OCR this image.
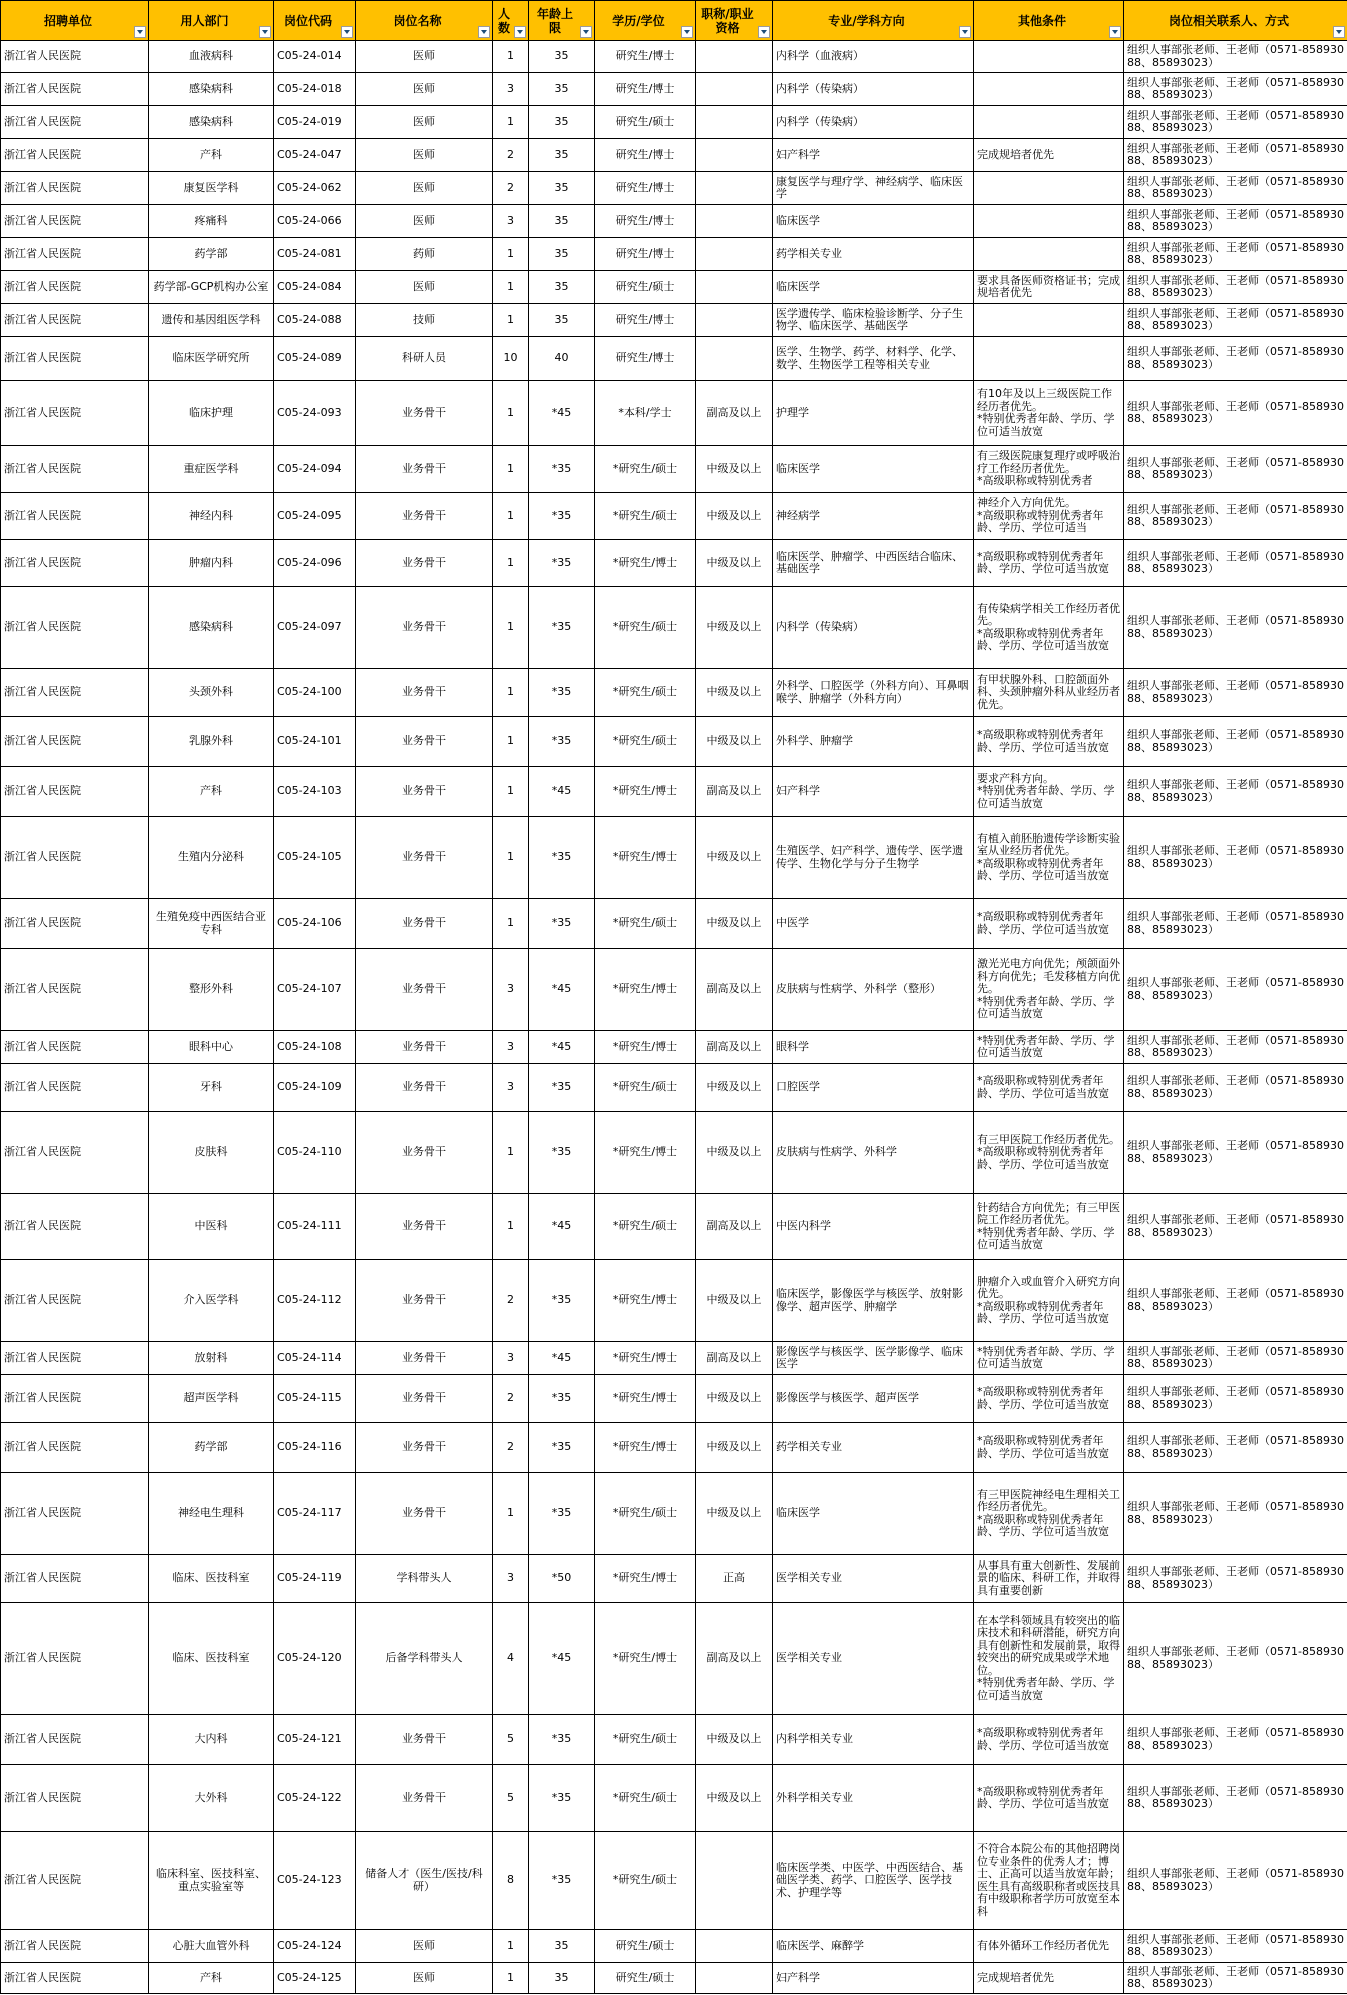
招聘单位	用人部门	岗位代码	岗位名称	人数	年龄上限	学历/学位	职称/职业资格	专业/学科方向	其他条件	岗位相关联系人、方式

浙江省人民医院	血液病科	C05-24-014	医师	1	35	研究生/博士		内科学（血液病）		组织人事部张老师、王老师（0571-85893088、85893023）

浙江省人民医院	感染病科	C05-24-018	医师	3	35	研究生/博士		内科学（传染病）		组织人事部张老师、王老师（0571-85893088、85893023）

浙江省人民医院	感染病科	C05-24-019	医师	1	35	研究生/硕士		内科学（传染病）		组织人事部张老师、王老师（0571-85893088、85893023）

浙江省人民医院	产科	C05-24-047	医师	2	35	研究生/博士		妇产科学	完成规培者优先	组织人事部张老师、王老师（0571-85893088、85893023）

浙江省人民医院	康复医学科	C05-24-062	医师	2	35	研究生/博士		康复医学与理疗学、神经病学、临床医学		组织人事部张老师、王老师（0571-85893088、85893023）

浙江省人民医院	疼痛科	C05-24-066	医师	3	35	研究生/博士		临床医学		组织人事部张老师、王老师（0571-85893088、85893023）

浙江省人民医院	药学部	C05-24-081	药师	1	35	研究生/博士		药学相关专业		组织人事部张老师、王老师（0571-85893088、85893023）

浙江省人民医院	药学部-GCP机构办公室	C05-24-084	医师	1	35	研究生/硕士		临床医学	要求具备医师资格证书；完成规培者优先	组织人事部张老师、王老师（0571-85893088、85893023）

浙江省人民医院	遗传和基因组医学科	C05-24-088	技师	1	35	研究生/博士		医学遗传学、临床检验诊断学、分子生物学、临床医学、基础医学		组织人事部张老师、王老师（0571-85893088、85893023）

浙江省人民医院	临床医学研究所	C05-24-089	科研人员	10	40	研究生/博士		医学、生物学、药学、材料学、化学、数学、生物医学工程等相关专业		组织人事部张老师、王老师（0571-85893088、85893023）

浙江省人民医院	临床护理	C05-24-093	业务骨干	1	*45	*本科/学士	副高及以上	护理学	有10年及以上三级医院工作经历者优先。
*特别优秀者年龄、学历、学位可适当放宽	组织人事部张老师、王老师（0571-85893088、85893023）

浙江省人民医院	重症医学科	C05-24-094	业务骨干	1	*35	*研究生/硕士	中级及以上	临床医学	有三级医院康复理疗或呼吸治疗工作经历者优先。
*高级职称或特别优秀者	组织人事部张老师、王老师（0571-85893088、85893023）

浙江省人民医院	神经内科	C05-24-095	业务骨干	1	*35	*研究生/硕士	中级及以上	神经病学	神经介入方向优先。
*高级职称或特别优秀者年龄、学历、学位可适当	组织人事部张老师、王老师（0571-85893088、85893023）

浙江省人民医院	肿瘤内科	C05-24-096	业务骨干	1	*35	*研究生/博士	中级及以上	临床医学、肿瘤学、中西医结合临床、基础医学	*高级职称或特别优秀者年龄、学历、学位可适当放宽	组织人事部张老师、王老师（0571-85893088、85893023）

浙江省人民医院	感染病科	C05-24-097	业务骨干	1	*35	*研究生/硕士	中级及以上	内科学（传染病）	有传染病学相关工作经历者优先。
*高级职称或特别优秀者年龄、学历、学位可适当放宽	组织人事部张老师、王老师（0571-85893088、85893023）

浙江省人民医院	头颈外科	C05-24-100	业务骨干	1	*35	*研究生/硕士	中级及以上	外科学、口腔医学（外科方向）、耳鼻咽喉学、肿瘤学（外科方向）	有甲状腺外科、口腔颌面外科、头颈肿瘤外科从业经历者优先。	组织人事部张老师、王老师（0571-85893088、85893023）

浙江省人民医院	乳腺外科	C05-24-101	业务骨干	1	*35	*研究生/硕士	中级及以上	外科学、肿瘤学	*高级职称或特别优秀者年龄、学历、学位可适当放宽	组织人事部张老师、王老师（0571-85893088、85893023）

浙江省人民医院	产科	C05-24-103	业务骨干	1	*45	*研究生/博士	副高及以上	妇产科学	要求产科方向。
*特别优秀者年龄、学历、学位可适当放宽	组织人事部张老师、王老师（0571-85893088、85893023）

浙江省人民医院	生殖内分泌科	C05-24-105	业务骨干	1	*35	*研究生/博士	中级及以上	生殖医学、妇产科学、遗传学、医学遗传学、生物化学与分子生物学	有植入前胚胎遗传学诊断实验室从业经历者优先。
*高级职称或特别优秀者年龄、学历、学位可适当放宽	组织人事部张老师、王老师（0571-85893088、85893023）

浙江省人民医院	生殖免疫中西医结合亚专科	C05-24-106	业务骨干	1	*35	*研究生/硕士	中级及以上	中医学	*高级职称或特别优秀者年龄、学历、学位可适当放宽	组织人事部张老师、王老师（0571-85893088、85893023）

浙江省人民医院	整形外科	C05-24-107	业务骨干	3	*45	*研究生/博士	副高及以上	皮肤病与性病学、外科学（整形）	激光光电方向优先；颅颌面外科方向优先；毛发移植方向优先。
*特别优秀者年龄、学历、学位可适当放宽	组织人事部张老师、王老师（0571-85893088、85893023）

浙江省人民医院	眼科中心	C05-24-108	业务骨干	3	*45	*研究生/博士	副高及以上	眼科学	*特别优秀者年龄、学历、学位可适当放宽	组织人事部张老师、王老师（0571-85893088、85893023）

浙江省人民医院	牙科	C05-24-109	业务骨干	3	*35	*研究生/硕士	中级及以上	口腔医学	*高级职称或特别优秀者年龄、学历、学位可适当放宽	组织人事部张老师、王老师（0571-85893088、85893023）

浙江省人民医院	皮肤科	C05-24-110	业务骨干	1	*35	*研究生/博士	中级及以上	皮肤病与性病学、外科学	有三甲医院工作经历者优先。
*高级职称或特别优秀者年龄、学历、学位可适当放宽	组织人事部张老师、王老师（0571-85893088、85893023）

浙江省人民医院	中医科	C05-24-111	业务骨干	1	*45	*研究生/硕士	副高及以上	中医内科学	针药结合方向优先；有三甲医院工作经历者优先。
*特别优秀者年龄、学历、学位可适当放宽	组织人事部张老师、王老师（0571-85893088、85893023）

浙江省人民医院	介入医学科	C05-24-112	业务骨干	2	*35	*研究生/博士	中级及以上	临床医学，影像医学与核医学、放射影像学、超声医学、肿瘤学	肿瘤介入或血管介入研究方向优先。
*高级职称或特别优秀者年龄、学历、学位可适当放宽	组织人事部张老师、王老师（0571-85893088、85893023）

浙江省人民医院	放射科	C05-24-114	业务骨干	3	*45	*研究生/博士	副高及以上	影像医学与核医学、医学影像学、临床医学	*特别优秀者年龄、学历、学位可适当放宽	组织人事部张老师、王老师（0571-85893088、85893023）

浙江省人民医院	超声医学科	C05-24-115	业务骨干	2	*35	*研究生/博士	中级及以上	影像医学与核医学、超声医学	*高级职称或特别优秀者年龄、学历、学位可适当放宽	组织人事部张老师、王老师（0571-85893088、85893023）

浙江省人民医院	药学部	C05-24-116	业务骨干	2	*35	*研究生/博士	中级及以上	药学相关专业	*高级职称或特别优秀者年龄、学历、学位可适当放宽	组织人事部张老师、王老师（0571-85893088、85893023）

浙江省人民医院	神经电生理科	C05-24-117	业务骨干	1	*35	*研究生/硕士	中级及以上	临床医学	有三甲医院神经电生理相关工作经历者优先。
*高级职称或特别优秀者年龄、学历、学位可适当放宽	组织人事部张老师、王老师（0571-85893088、85893023）

浙江省人民医院	临床、医技科室	C05-24-119	学科带头人	3	*50	*研究生/博士	正高	医学相关专业	从事具有重大创新性、发展前景的临床、科研工作，并取得具有重要创新	组织人事部张老师、王老师（0571-85893088、85893023）

浙江省人民医院	临床、医技科室	C05-24-120	后备学科带头人	4	*45	*研究生/博士	副高及以上	医学相关专业	在本学科领域具有较突出的临床技术和科研潜能，研究方向具有创新性和发展前景，取得较突出的研究成果或学术地位。
*特别优秀者年龄、学历、学位可适当放宽	组织人事部张老师、王老师（0571-85893088、85893023）

浙江省人民医院	大内科	C05-24-121	业务骨干	5	*35	*研究生/硕士	中级及以上	内科学相关专业	*高级职称或特别优秀者年龄、学历、学位可适当放宽	组织人事部张老师、王老师（0571-85893088、85893023）

浙江省人民医院	大外科	C05-24-122	业务骨干	5	*35	*研究生/硕士	中级及以上	外科学相关专业	*高级职称或特别优秀者年龄、学历、学位可适当放宽	组织人事部张老师、王老师（0571-85893088、85893023）

浙江省人民医院	临床科室、医技科室、重点实验室等	C05-24-123	储备人才（医生/医技/科研）	8	*35	*研究生/硕士		临床医学类、中医学、中西医结合、基础医学类、药学、口腔医学、医学技术、护理学等	不符合本院公布的其他招聘岗位专业条件的优秀人才；博士、正高可以适当放宽年龄；医生具有高级职称者或医技具有中级职称者学历可放宽至本科	组织人事部张老师、王老师（0571-85893088、85893023）

浙江省人民医院	心脏大血管外科	C05-24-124	医师	1	35	研究生/硕士		临床医学、麻醉学	有体外循环工作经历者优先	组织人事部张老师、王老师（0571-85893088、85893023）

浙江省人民医院	产科	C05-24-125	医师	1	35	研究生/硕士		妇产科学	完成规培者优先	组织人事部张老师、王老师（0571-85893088、85893023）
